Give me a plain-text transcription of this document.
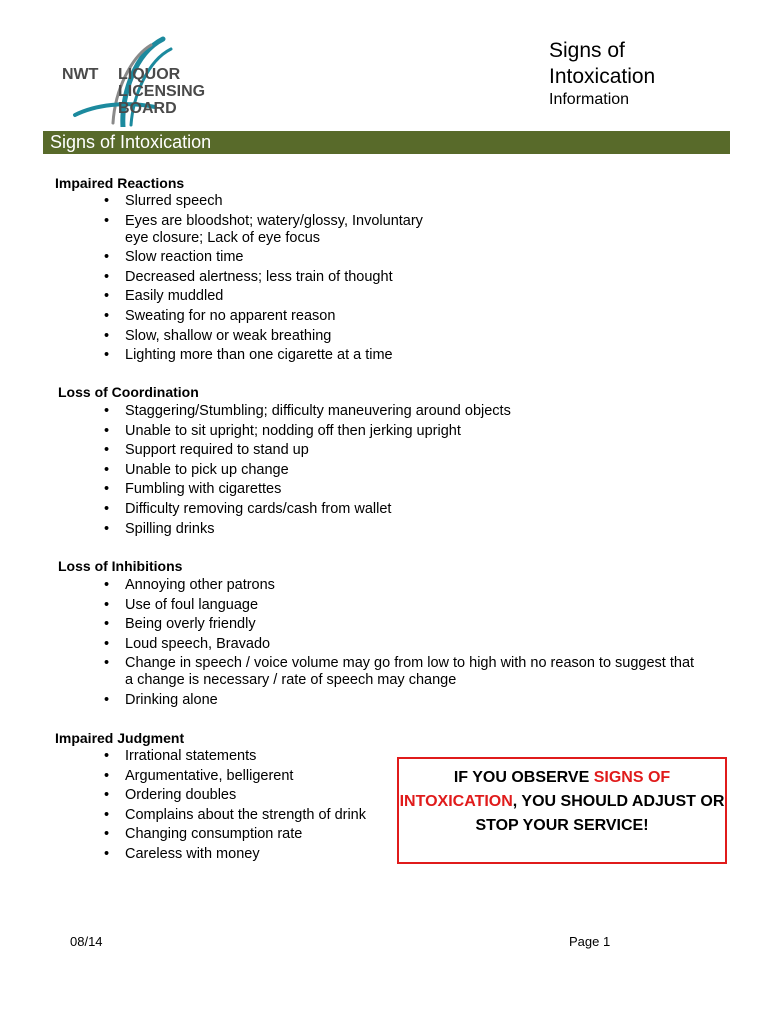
NWT	LIQUOR
LICENSING
BOARD
Signs of
Intoxication
Information
Signs of Intoxication
Impaired Reactions
• Slurred speech
• Eyes are bloodshot; watery/glossy, Involuntary eye closure; Lack of eye focus
• Slow reaction time
• Decreased alertness; less train of thought
• Easily muddled
• Sweating for no apparent reason
• Slow, shallow or weak breathing
• Lighting more than one cigarette at a time
Loss of Coordination
• Staggering/Stumbling; difficulty maneuvering around objects
• Unable to sit upright; nodding off then jerking upright
• Support required to stand up
• Unable to pick up change
• Fumbling with cigarettes
• Difficulty removing cards/cash from wallet
• Spilling drinks
Loss of Inhibitions
• Annoying other patrons
• Use of foul language
• Being overly friendly
• Loud speech, Bravado
• Change in speech / voice volume may go from low to high with no reason to suggest that a change is necessary / rate of speech may change
• Drinking alone
Impaired Judgment
• Irrational statements
• Argumentative, belligerent
• Ordering doubles
• Complains about the strength of drink
• Changing consumption rate
• Careless with money
IF YOU OBSERVE SIGNS OF
INTOXICATION, YOU SHOULD ADJUST OR STOP YOUR SERVICE!
08/14	Page 1
